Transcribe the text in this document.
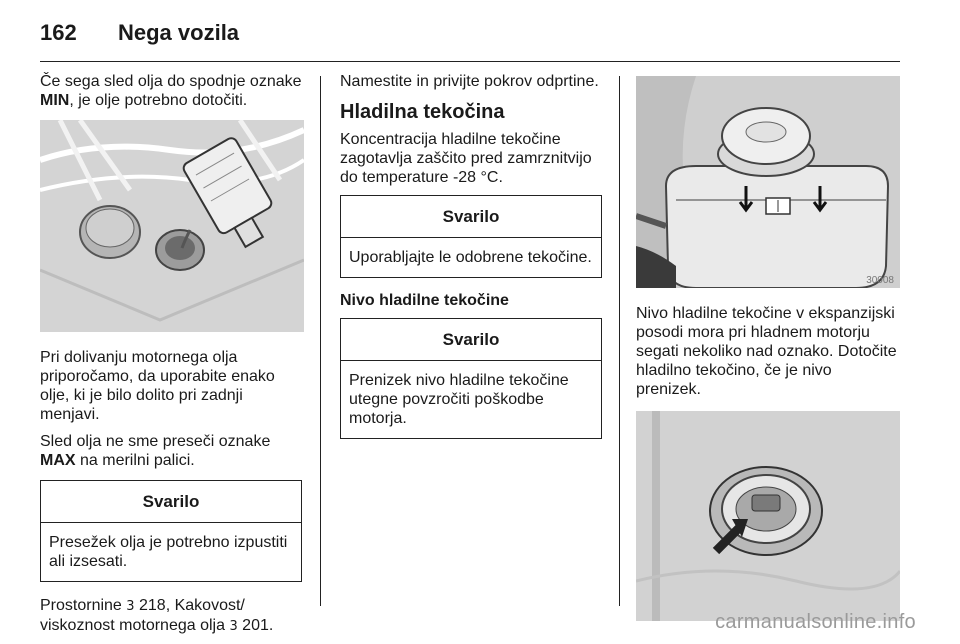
162 Nega vozila

Če sega sled olja do spodnje oznake MIN, je olje potrebno dotočiti.

Pri dolivanju motornega olja priporočamo, da uporabite enako olje, ki je bilo dolito pri zadnji menjavi.

Sled olja ne sme preseči oznake MAX na merilni palici.

Svarilo
Presežek olja je potrebno izpustiti ali izsesati.

Prostornine 3 218, Kakovost/ viskoznost motornega olja 3 201.

Namestite in privijte pokrov odprtine.

Hladilna tekočina

Koncentracija hladilne tekočine zagotavlja zaščito pred zamrznitvijo do temperature -28 °C.

Svarilo
Uporabljajte le odobrene tekočine.
Nivo hladilne tekočine
Svarilo
Prenizek nivo hladilne tekočine utegne povzročiti poškodbe motorja.
30008

Nivo hladilne tekočine v ekspanzijski posodi mora pri hladnem motorju segati nekoliko nad oznako. Dotočite hladilno tekočino, če je nivo prenizek.

carmanualsonline.info
